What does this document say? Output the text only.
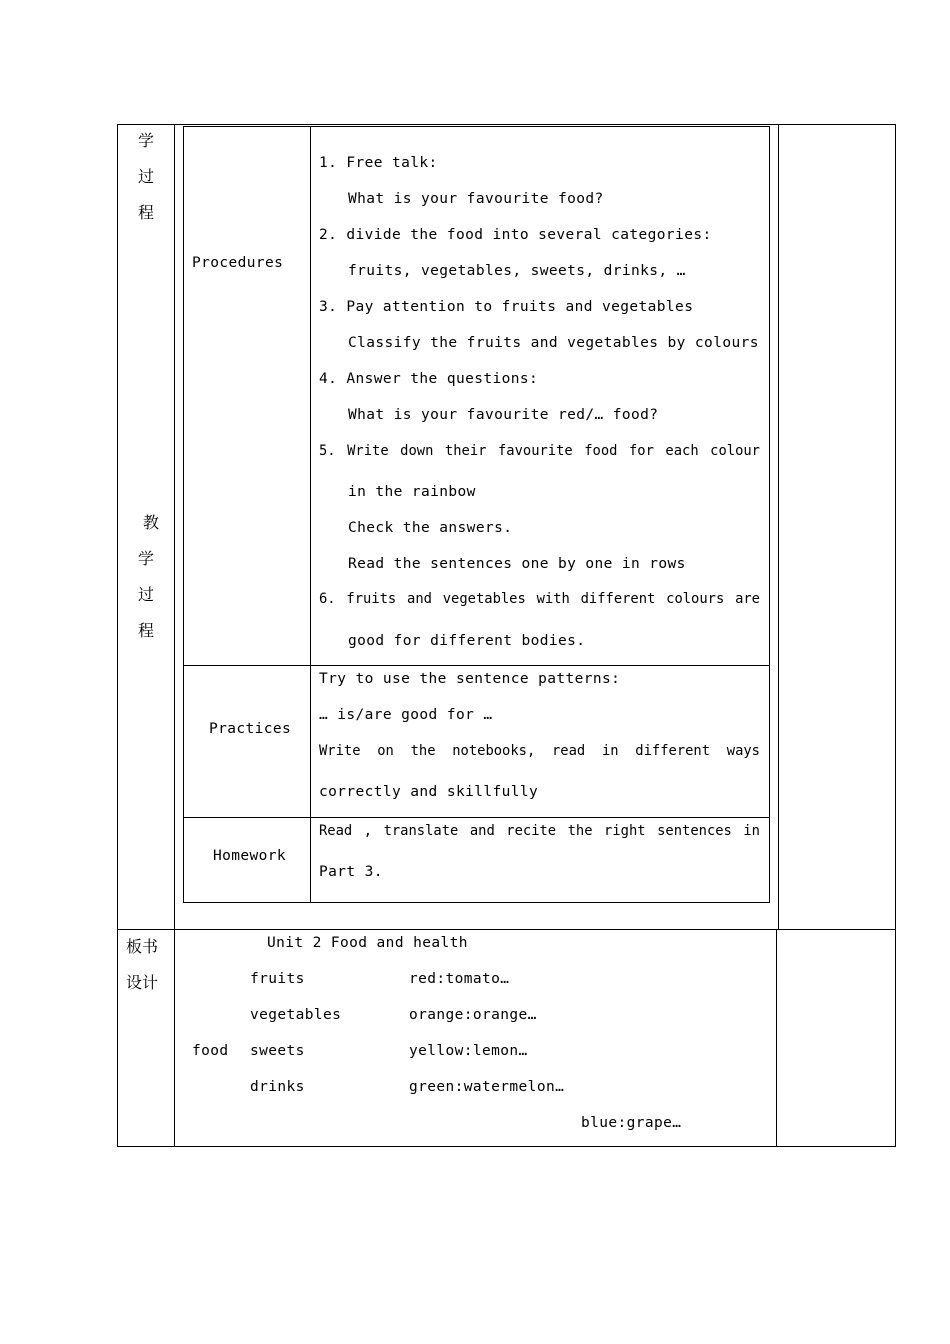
学
过
程
教
学
过
程
板书
设计
Procedures
1. Free talk:
What is your favourite food?
2. divide the food into several categories:
fruits, vegetables, sweets, drinks, …
3. Pay attention to fruits and vegetables
Classify the fruits and vegetables by colours
4. Answer the questions:
What is your favourite red/… food?
5. Write down their favourite food for each colour
in the rainbow
Check the answers.
Read the sentences one by one in rows
6. fruits and vegetables with different colours are
good for different bodies.
Practices
Try to use the sentence patterns:
… is/are good for …
Write on the notebooks, read in different ways
correctly and skillfully
Homework
Read , translate and recite the right sentences in
Part 3.
Unit 2 Food and health
food
fruits
vegetables
sweets
drinks
red:tomato…
orange:orange…
yellow:lemon…
green:watermelon…
blue:grape…
